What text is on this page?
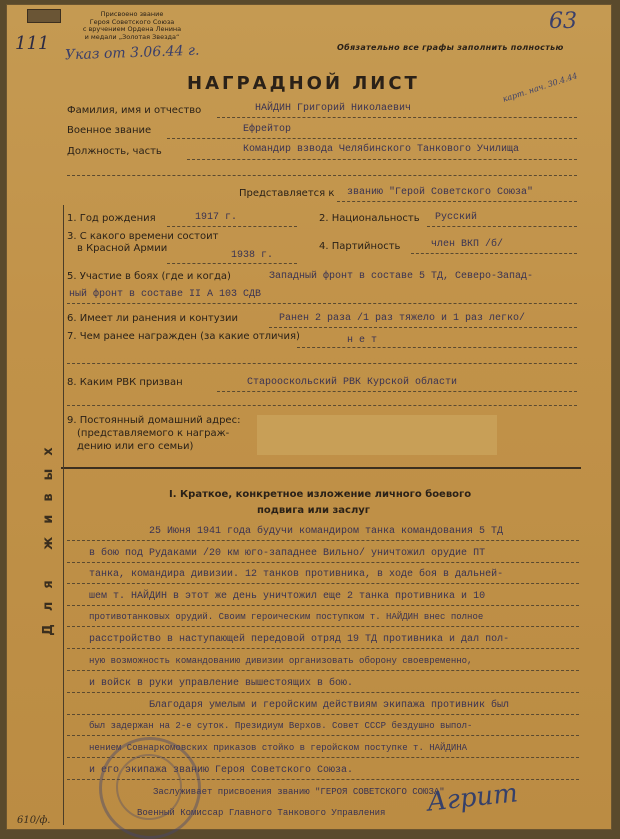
111
Присвоено звание
Героя Советского Союза
с вручением Ордена Ленина
и медали „Золотая Звезда“
Указ от 3.06.44 г.	Обязательно все графы заполнить полностью
63
карт. нач. 30.4.44
НАГРАДНОЙ ЛИСТ
Фамилия, имя и отчество	НАЙДИН Григорий Николаевич
Военное звание	Ефрейтор
Должность, часть	Командир взвода Челябинского Танкового Училища
Представляется к званию "Герой Советского Союза"
1. Год рождения	1917 г.	2. Национальность Русский
3. С какого времени состоит
в Красной Армии
1938 г.
4. Партийность	член ВКП /б/
5. Участие в боях (где и когда)	Западный фронт в составе 5 ТД, Северо-Запад-
ный фронт в составе II А 103 СДВ
6. Имеет ли ранения и контузии	Ранен 2 раза /1 раз тяжело и 1 раз легко/
7. Чем ранее награжден (за какие отличия)	н е т
8. Каким РВК призван	Старооскольский РВК Курской области
9. Постоянный домашний адрес:
(представляемого к награж-
дению или его семьи)
Для живых	I. Краткое, конкретное изложение личного боевого
подвига или заслуг
25 Июня 1941 года будучи командиром танка командования 5 ТД
в бою под Рудаками /20 км юго-западнее Вильно/ уничтожил орудие ПТ
танка, командира дивизии. 12 танков противника, в ходе боя в дальней-
шем т. НАЙДИН в этот же день уничтожил еще 2 танка противника и 10
противотанковых орудий. Своим героическим поступком т. НАЙДИН внес полное
расстройство в наступающей передовой отряд 19 ТД противника и дал пол-
ную возможность командованию дивизии организовать оборону своевременно,
и войск в руки управление вышестоящих в бою.
Благодаря умелым и геройским действиям экипажа противник был
был задержан на 2-е суток. Президиум Верхов. Совет СССР бездушно выпол-
нением Совнаркомовских приказов стойко в геройском поступке т. НАЙДИНА
и его экипажа званию Героя Советского Союза.
Заслуживает присвоения званию "ГЕРОЯ СОВЕТСКОГО СОЮЗА"
Военный Комиссар Главного Танкового Управления Агрит
610/ф.
